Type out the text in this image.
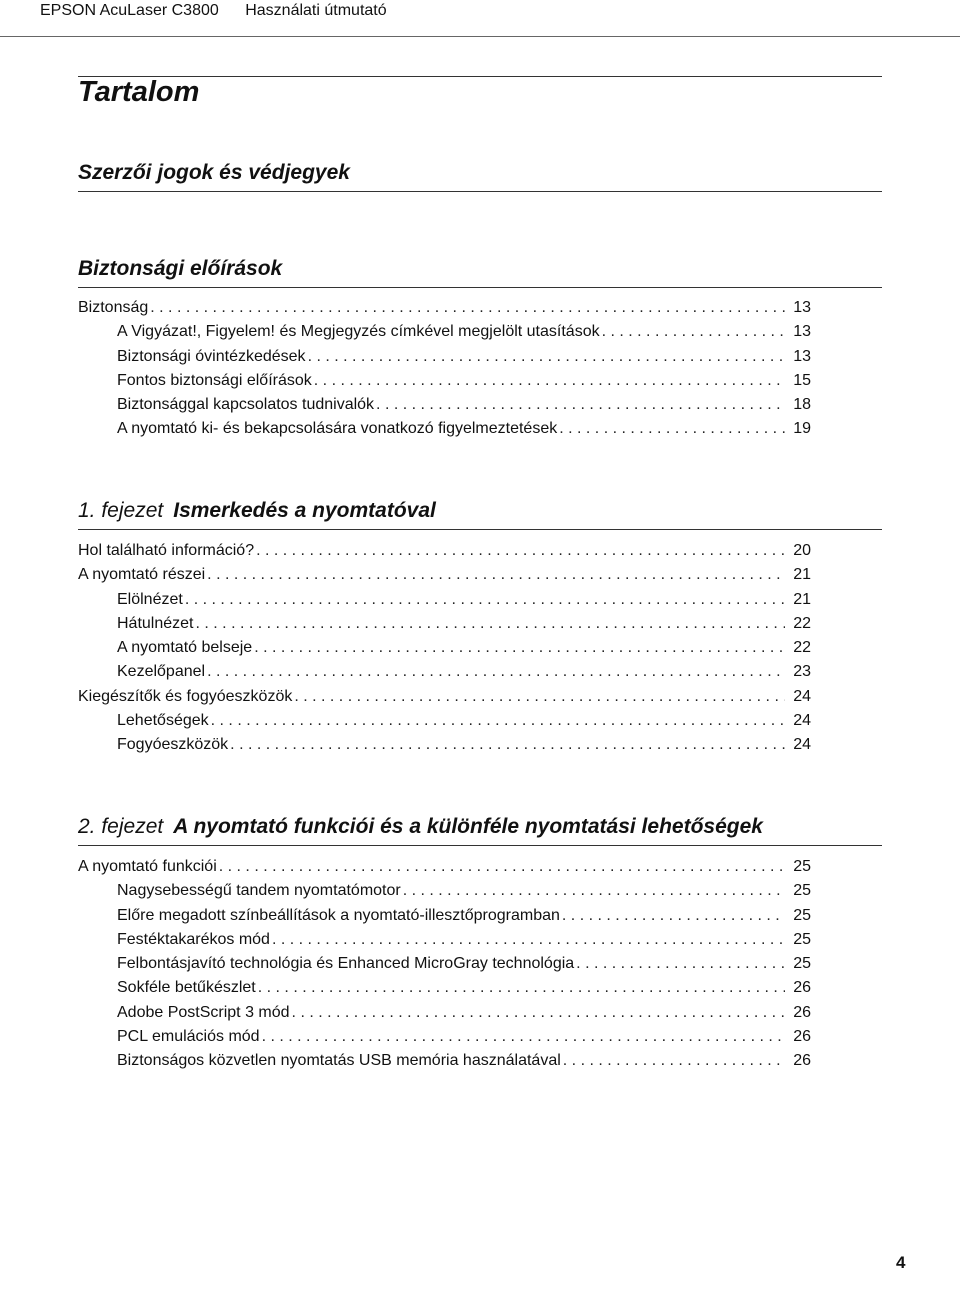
EPSON AcuLaser C3800 Használati útmutató
Tartalom
Szerzői jogok és védjegyek
Biztonsági előírások
Biztonság . . .	13
A Vigyázat!, Figyelem! és Megjegyzés címkével megjelölt utasítások . . .	13
Biztonsági óvintézkedések . . .	13
Fontos biztonsági előírások . . .	15
Biztonsággal kapcsolatos tudnivalók . . .	18
A nyomtató ki- és bekapcsolására vonatkozó figyelmeztetések . . .	19
1. fejezet Ismerkedés a nyomtatóval
Hol található információ? . . .	20
A nyomtató részei . . .	21
Elölnézet . . .	21
Hátulnézet . . .	22
A nyomtató belseje . . .	22
Kezelőpanel . . .	23
Kiegészítők és fogyóeszközök . . .	24
Lehetőségek . . .	24
Fogyóeszközök . . .	24
2. fejezet A nyomtató funkciói és a különféle nyomtatási lehetőségek
A nyomtató funkciói . . .	25
Nagysebességű tandem nyomtatómotor . . .	25
Előre megadott színbeállítások a nyomtató-illesztőprogramban . . .	25
Festéktakarékos mód . . .	25
Felbontásjavító technológia és Enhanced MicroGray technológia . . .	25
Sokféle betűkészlet . . .	26
Adobe PostScript 3 mód . . .	26
PCL emulációs mód . . .	26
Biztonságos közvetlen nyomtatás USB memória használatával . . .	26
4
